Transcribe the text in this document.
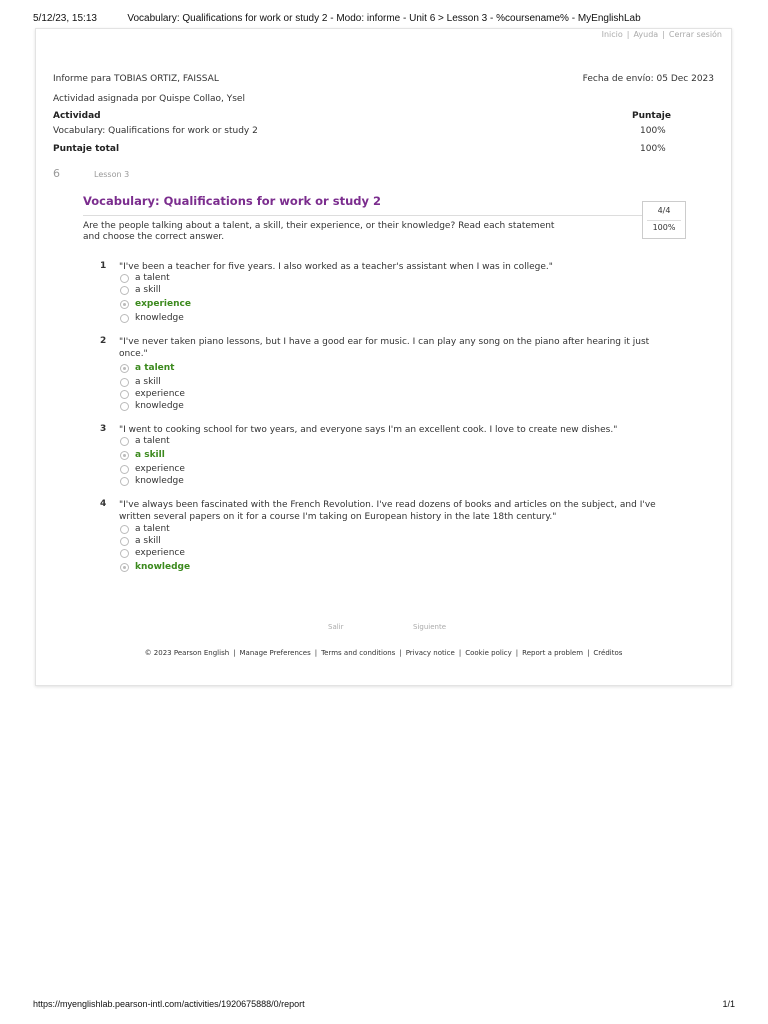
5/12/23, 15:13	Vocabulary: Qualifications for work or study 2 - Modo: informe - Unit 6 > Lesson 3 - %coursename% - MyEnglishLab
Inicio | Ayuda | Cerrar sesión
Informe para TOBIAS ORTIZ, FAISSAL	Fecha de envío: 05 Dec 2023
Actividad asignada por Quispe Collao, Ysel
Actividad	Puntaje
Vocabulary: Qualifications for work or study 2	100%
Puntaje total	100%
6	Lesson 3
Vocabulary: Qualifications for work or study 2
4/4
100%
Are the people talking about a talent, a skill, their experience, or their knowledge? Read each statement and choose the correct answer.
1 "I've been a teacher for five years. I also worked as a teacher's assistant when I was in college."
a talent
a skill
experience
knowledge
2 "I've never taken piano lessons, but I have a good ear for music. I can play any song on the piano after hearing it just once."
a talent
a skill
experience
knowledge
3 "I went to cooking school for two years, and everyone says I'm an excellent cook. I love to create new dishes."
a talent
a skill
experience
knowledge
4 "I've always been fascinated with the French Revolution. I've read dozens of books and articles on the subject, and I've written several papers on it for a course I'm taking on European history in the late 18th century."
a talent
a skill
experience
knowledge
Salir	Siguiente
© 2023 Pearson English | Manage Preferences | Terms and conditions | Privacy notice | Cookie policy | Report a problem | Créditos
https://myenglishlab.pearson-intl.com/activities/1920675888/0/report	1/1
